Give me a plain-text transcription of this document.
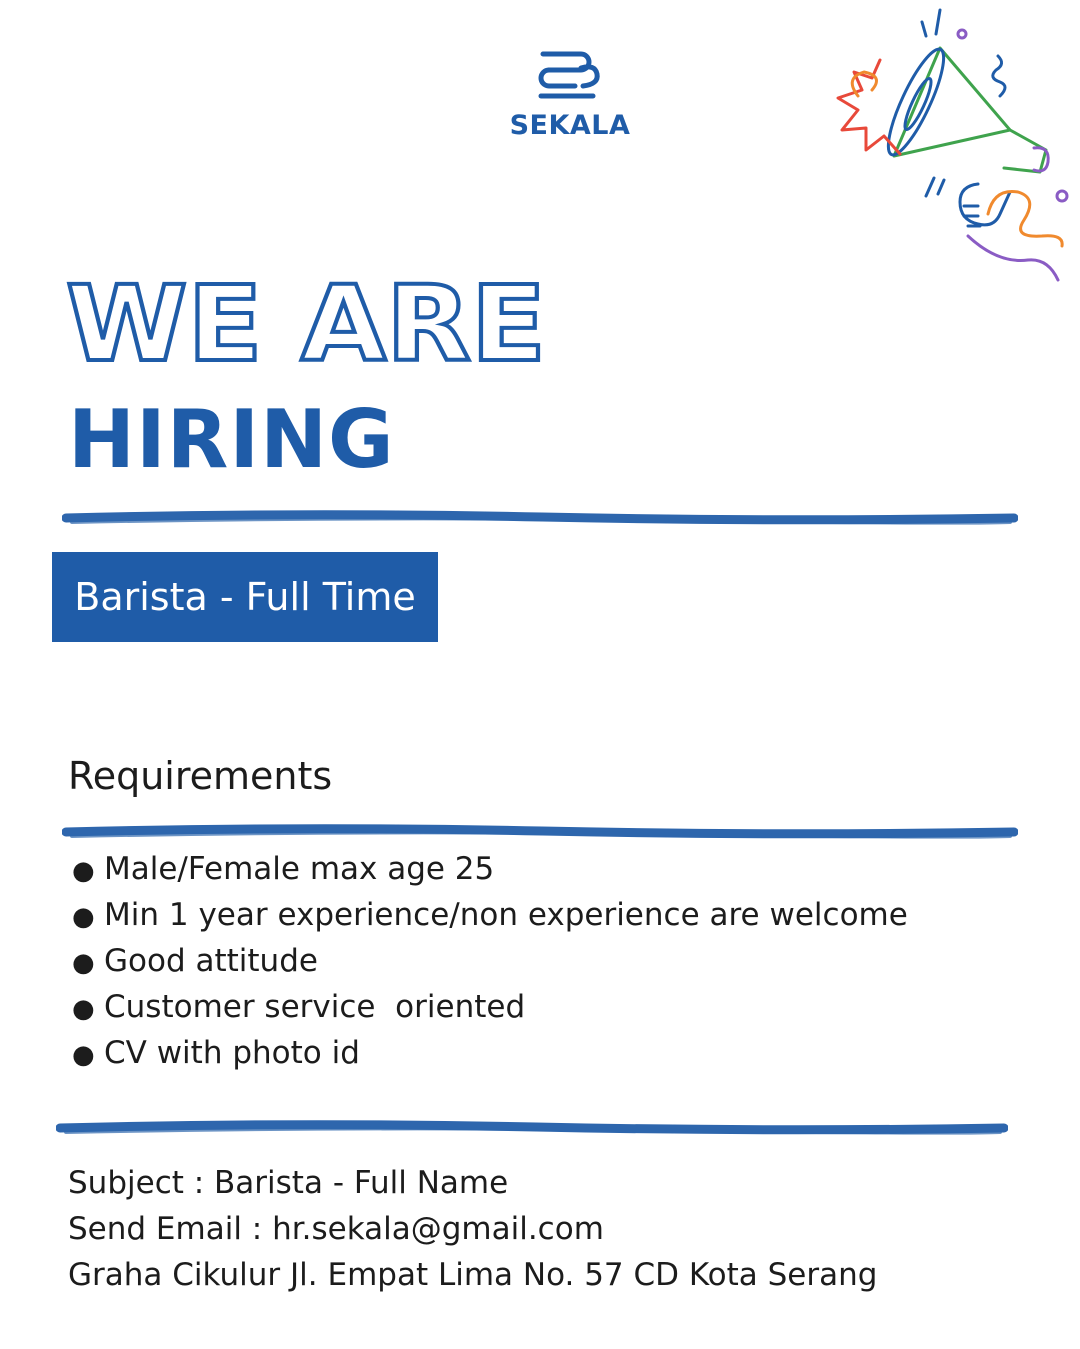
SEKALA
WE ARE
HIRING
Barista - Full Time
Requirements
● Male/Female max age 25
● Min 1 year experience/non experience are welcome
● Good attitude
● Customer service  oriented
● CV with photo id
Subject : Barista - Full Name
Send Email : hr.sekala@gmail.com
Graha Cikulur Jl. Empat Lima No. 57 CD Kota Serang
